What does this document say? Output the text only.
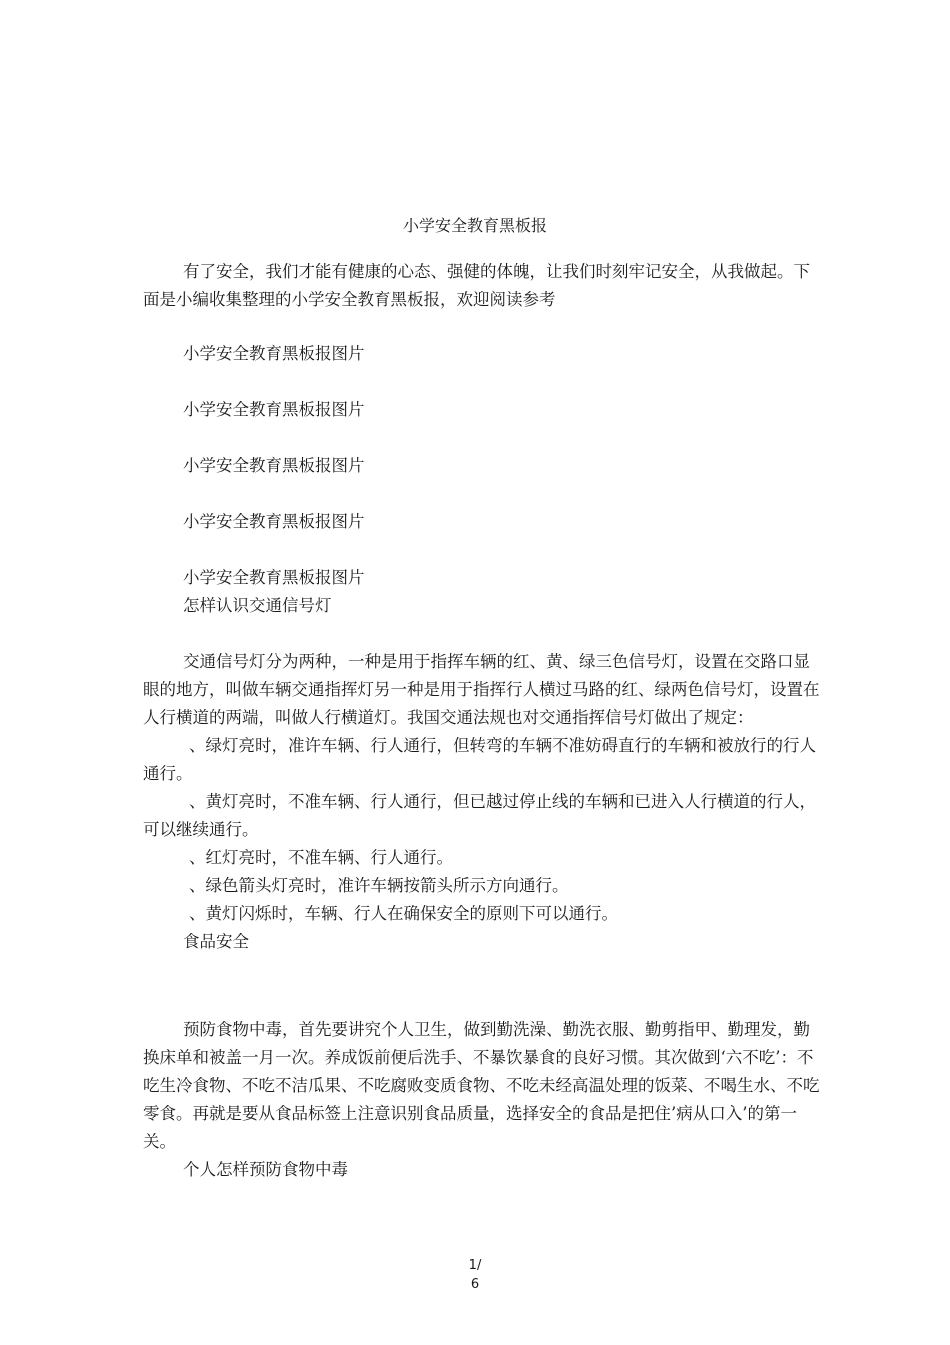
小学安全教育黑板报

有了安全，我们才能有健康的心态、强健的体魄，让我们时刻牢记安全，从我做起。下面是小编收集整理的小学安全教育黑板报，欢迎阅读参考

小学安全教育黑板报图片

小学安全教育黑板报图片

小学安全教育黑板报图片

小学安全教育黑板报图片

小学安全教育黑板报图片

怎样认识交通信号灯

交通信号灯分为两种，一种是用于指挥车辆的红、黄、绿三色信号灯，设置在交路口显眼的地方，叫做车辆交通指挥灯另一种是用于指挥行人横过马路的红、绿两色信号灯，设置在人行横道的两端，叫做人行横道灯。我国交通法规也对交通指挥信号灯做出了规定：

、绿灯亮时，准许车辆、行人通行，但转弯的车辆不准妨碍直行的车辆和被放行的行人通行。

、黄灯亮时，不准车辆、行人通行，但已越过停止线的车辆和已进入人行横道的行人，可以继续通行。

、红灯亮时，不准车辆、行人通行。

、绿色箭头灯亮时，准许车辆按箭头所示方向通行。

、黄灯闪烁时，车辆、行人在确保安全的原则下可以通行。

食品安全

预防食物中毒，首先要讲究个人卫生，做到勤洗澡、勤洗衣服、勤剪指甲、勤理发，勤换床单和被盖一月一次。养成饭前便后洗手、不暴饮暴食的良好习惯。其次做到‘六不吃’：不吃生冷食物、不吃不洁瓜果、不吃腐败变质食物、不吃未经高温处理的饭菜、不喝生水、不吃零食。再就是要从食品标签上注意识别食品质量，选择安全的食品是把住’病从口入’的第一关。

个人怎样预防食物中毒

1/
6
